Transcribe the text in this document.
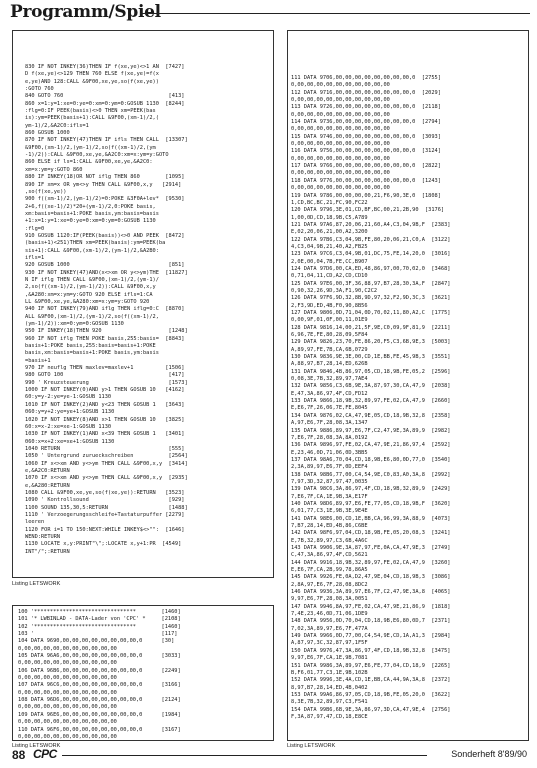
Programm/Spiel
830 IF NOT INKEY(36)THEN IF f(xe,ye)<>1 AN  [7427]
D f(xe,ye)<>129 THEN 760 ELSE f(xe,ye)=f(x
e,ye)AND 128:CALL &9F00,xe,ye,so(f(xe,ye))
:GOTO 760
840 GOTO 760                                 [413]
860 x=1:y=1:xe=0:ye=0:xm=0:ym=0:GOSUB 1130  [8244]
:flg=0:IF PEEK(basis)<>0 THEN xm=PEEK(bas
is):ym=PEEK(basis+1):CALL &9F00,(xm-1)/2,(
ym-1)/2,&A2C0:ifls=1
860 GOSUB 1000
870 IF NOT INKEY(47)THEN IF ifls THEN CALL  [13307]
&9F00,(xm-1)/2,(ym-1)/2,so(f((xm-1)/2,(ym
-1)/2)):CALL &9F00,xe,ye,&A2C0:xm=x:ym=y:GOTO
860 ELSE if ls=1:CALL &9F00,xe,ye,&A2C0:
xm=x:ym=y:GOTO 860
880 IF INKEY(18)OR NOT iflg THEN 860        [1095]
890 IF xm=x OR ym<>y THEN CALL &9F00,x,y   [2914]
,so(f(xe,ye))
900 f((xm-1)/2,(ym-1)/2)=0:POKE &3F0A+lev*  [9530]
2+6,f((xe-1)/2)*20+(ym-1)/2,0:POKE basis,
xm:basis=basis+1:POKE basis,ym:basis=basis
+1:x=1:y=1:xe=0:ye=0:xm=0:ym=0:GOSUB 1130
:flg=0
910 GOSUB 1120:IF(PEEK(basis))<>0 AND PEEK  [8472]
(basis+1)<251)THEN xm=PEEK(basis):ym=PEEK(ba
sis+1):CALL &9F00,(xm-1)/2,(ym-1)/2,&A2B0:
ifls=1
920 GOSUB 1000                               [851]
930 IF NOT INKEY(47)AND(x<>xm OR y<>ym)THE  [11827]
N IF iflg THEN CALL &9F00,(xm-1)/2,(ym-1)/
2,so(f((xm-1)/2,(ym-1)/2)):CALL &9F00,x,y
,&A280:xm=x:ym=y:GOTO 920 ELSE ifls=1:CA
LL &9F00,xe,ye,&A280:xm=x:ym=y:GOTO 920
940 IF NOT INKEY(79)AND iflg THEN iflg=0:C  [8870]
ALL &9F00,(xm-1)/2,(ym-1)/2,so(f((xm-1)/2,
(ym-1)/2)):xm=0:ym=0:GOSUB 1130
950 IF INKEY(18)THEN 920                     [1248]
960 IF NOT iflg THEN POKE basis,255:basis=  [8843]
basis+1:POKE basis,255:basis=basis+1:POKE
basis,xm:basis=basis+1:POKE basis,ym:basis
=basis+1
970 IF neuflg THEN maxlev=maxlev+1          [1506]
980 GOTO 100                                 [417]
990 ' Kreuzsteuerung                         [1573]
1000 IF NOT INKEY(0)AND y>1 THEN GOSUB 10   [4162]
60:y=y-2:ye=ye-1:GOSUB 1130
1010 IF NOT INKEY(2)AND y<23 THEN GOSUB 1   [3643]
060:y=y+2:ye=ye+1:GOSUB 1130
1020 IF NOT INKEY(8)AND x>1 THEN GOSUB 10   [3825]
60:x=x-2:xe=xe-1:GOSUB 1130
1030 IF NOT INKEY(1)AND x<39 THEN GOSUB 1   [3401]
060:x=x+2:xe=xe+1:GOSUB 1130
1040 RETURN                                  [555]
1050 ' Untergrund zurueckschreiben           [2564]
1060 IF x<>xm AND y<>ym THEN CALL &9F00,x,y  [3414]
e,&A2C0:RETURN
1070 IF x<>xm AND y<>ym THEN CALL &9F00,x,y  [2935]
e,&A280:RETURN
1080 CALL &9F00,xe,ye,so(f(xe,ye)):RETURN   [3523]
1090 ' Kontrollsound                         [929]
1100 SOUND 135,30,5:RETURN                   [1488]
1110 ' Verzoegerungsschleife+Tastaturpuffer [2279]
leeren
1120 FOR i=1 TO 150:NEXT:WHILE INKEY$<>"":  [1646]
WEND:RETURN
1130 LOCATE x,y:PRINT"\";:LOCATE x,y+1:PR  [4549]
INT"/";:RETURN
Listing LETSWORK
100 '********************************        [1460]
101 '* LWBINLAD - DATA-Lader von 'CPC' *     [2108]
102 '********************************        [1460]
103 '                                        [117]
104 DATA 9690,00,00,00,00,00,00,00,00,0      [30]
0,00,00,00,00,00,00,00,00,00,00
105 DATA 96A6,00,00,00,00,00,00,00,00,0      [3033]
0,00,00,00,00,00,00,00,00,00,00
106 DATA 96B6,00,00,00,00,00,00,00,00,0      [2249]
0,00,00,00,00,00,00,00,00,00,00
107 DATA 96C6,00,00,00,00,00,00,00,00,0      [3166]
0,00,00,00,00,00,00,00,00,00,00
108 DATA 96D6,00,00,00,00,00,00,00,00,0      [2124]
0,00,00,00,00,00,00,00,00,00,00
109 DATA 96E6,00,00,00,00,00,00,00,00,0      [1984]
0,00,00,00,00,00,00,00,00,00,00
110 DATA 96F6,00,00,00,00,00,00,00,00,0      [3167]
0,00,00,00,00,00,00,00,00,00,00
Listing LETSWORK
111 DATA 9706,00,00,00,00,00,00,00,00,0  [2755]
0,00,00,00,00,00,00,00,00,00,00
112 DATA 9716,00,00,00,00,00,00,00,00,0  [2029]
0,00,00,00,00,00,00,00,00,00,00
113 DATA 9726,00,00,00,00,00,00,00,00,0  [2118]
0,00,00,00,00,00,00,00,00,00,00
114 DATA 9736,00,00,00,00,00,00,00,00,0  [2794]
0,00,00,00,00,00,00,00,00,00,00
115 DATA 9746,00,00,00,00,00,00,00,00,0  [3093]
0,00,00,00,00,00,00,00,00,00,00
116 DATA 9756,00,00,00,00,00,00,00,00,0  [3124]
0,00,00,00,00,00,00,00,00,00,00
117 DATA 9766,00,00,00,00,00,00,00,00,0  [2822]
0,00,00,00,00,00,00,00,00,00,00
118 DATA 9776,00,00,00,00,00,00,00,00,0  [1243]
0,00,00,00,00,00,00,00,00,00,00
119 DATA 9786,00,00,00,00,21,F6,90,3E,0  [1808]
1,CD,BC,BC,21,FC,90,FC22
120 DATA 9796,3E,01,CD,BF,BC,00,21,2B,90  [3176]
1,00,0D,CD,18,9B,C5,A789
121 DATA 97A6,87,20,06,21,60,A4,C3,04,9B,F  [2383]
E,02,20,06,21,00,A2,3200
122 DATA 97B6,C3,04,9B,FE,80,20,06,21,C0,A  [3122]
4,C3,04,9B,21,40,A2,FB25
123 DATA 97C6,C3,04,9B,01,DC,75,FE,14,20,0  [3016]
2,0E,00,04,7B,FE,CC,B907
124 DATA 97D6,00,CA,ED,48,86,97,00,70,02,0  [3468]
0,71,04,11,CD,A2,CD,CD10
125 DATA 97E6,00,3F,36,88,97,B7,28,30,3A,F  [2847]
0,90,32,26,9D,3A,F1,90,C2C2
126 DATA 97F6,9D,32,8B,9D,97,32,F2,9D,3C,3  [3621]
2,F3,9D,ED,4B,F0,90,8B56
127 DATA 9806,0D,71,04,0D,70,02,11,80,A2,C  [1775]
0,00,9F,01,0F,00,11,01E9
128 DATA 9816,14,00,21,5F,9E,C0,09,9F,81,9  [2211]
6,96,7E,FE,80,28,09,5F84
129 DATA 9826,23,70,FE,86,20,F5,C3,6B,9E,3  [5003]
A,89,97,FE,7B,CA,6B,0729
130 DATA 9836,9E,3E,00,CD,1E,BB,FE,45,9B,3  [3551]
A,88,97,B7,28,14,ED,626B
131 DATA 9846,4B,86,97,05,CD,18,9B,FE,05,2  [2596]
0,08,3E,7B,32,89,97,7AE4
132 DATA 9856,C3,6B,9E,3A,87,97,30,CA,47,9  [2038]
E,47,3A,86,97,4F,CD,FD12
133 DATA 9866,18,9B,32,89,97,FE,02,CA,47,9  [2660]
E,E6,7F,26,06,7E,FE,8045
134 DATA 9876,02,CA,47,9E,05,CD,18,9B,32,8  [2358]
A,97,E6,7F,28,08,3A,1347
135 DATA 9886,89,97,E6,7F,C2,47,9E,3A,89,9  [2982]
7,E6,7F,28,08,3A,8A,0192
136 DATA 9896,97,FE,02,CA,47,9E,21,86,97,4  [2592]
E,23,46,0D,71,06,0D,3BB5
137 DATA 98A6,70,04,CD,18,9B,E6,80,0D,77,0  [3540]
2,3A,89,97,E6,7F,0D,EEF4
138 DATA 98B6,77,00,C4,54,9E,C0,83,A0,3A,8  [2992]
7,97,3D,32,87,97,47,0035
139 DATA 98C6,3A,86,97,4F,CD,18,9B,32,89,9  [2429]
7,E6,7F,CA,1E,9B,3A,E17F
140 DATA 98D6,89,97,E6,FE,77,05,CD,18,9B,F  [3620]
6,01,77,C3,1E,9B,3E,9E4E
141 DATA 98E6,00,CD,1E,BB,CA,96,99,3A,88,9  [4073]
7,B7,28,14,ED,4B,86,C6BE
142 DATA 98F6,97,04,CD,18,9B,FE,05,20,08,3  [3241]
E,7B,32,89,97,C3,6B,4A6C
143 DATA 9906,9E,3A,87,97,FE,0A,CA,47,9E,3  [2749]
C,47,3A,86,97,4F,CD,5621
144 DATA 9916,18,9B,32,89,97,FE,02,CA,47,9  [3260]
E,E6,7F,CA,2B,99,78,86A5
145 DATA 9926,FE,0A,D2,47,9E,04,CD,18,9B,3  [3086]
2,8A,97,E6,7F,28,08,8DC2
146 DATA 9936,3A,89,97,E6,7F,C2,47,9E,3A,8  [4065]
9,97,E6,7F,28,08,3A,0051
147 DATA 9946,8A,97,FE,02,CA,47,9E,21,86,9  [1818]
7,4E,23,46,0D,71,06,1DE9
148 DATA 9956,0D,70,04,CD,18,9B,E6,80,0D,7  [2371]
7,02,3A,89,97,E6,7F,477A
149 DATA 9966,0D,77,00,C4,54,9E,CD,1A,A1,3  [2984]
A,87,97,3C,32,87,97,1F5F
150 DATA 9976,47,3A,86,97,4F,CD,18,9B,32,8  [3475]
9,97,E6,7F,CA,1E,9B,7081
151 DATA 9986,3A,89,97,E6,FE,77,04,CD,18,9  [2265]
B,F6,01,77,C3,1E,9B,102B
152 DATA 9996,3E,4A,CD,1E,BB,CA,44,9A,3A,8  [2372]
8,97,B7,28,14,ED,4B,0402
153 DATA 99A6,86,97,05,CD,18,9B,FE,05,20,0  [3622]
8,3E,7B,32,89,97,C3,F541
154 DATA 99B6,6B,9E,3A,86,97,3D,CA,47,9E,4  [2756]
F,3A,87,97,47,CD,18,E8CE
Listing LETSWORK
88 CPC	Sonderheft 8'89/90
